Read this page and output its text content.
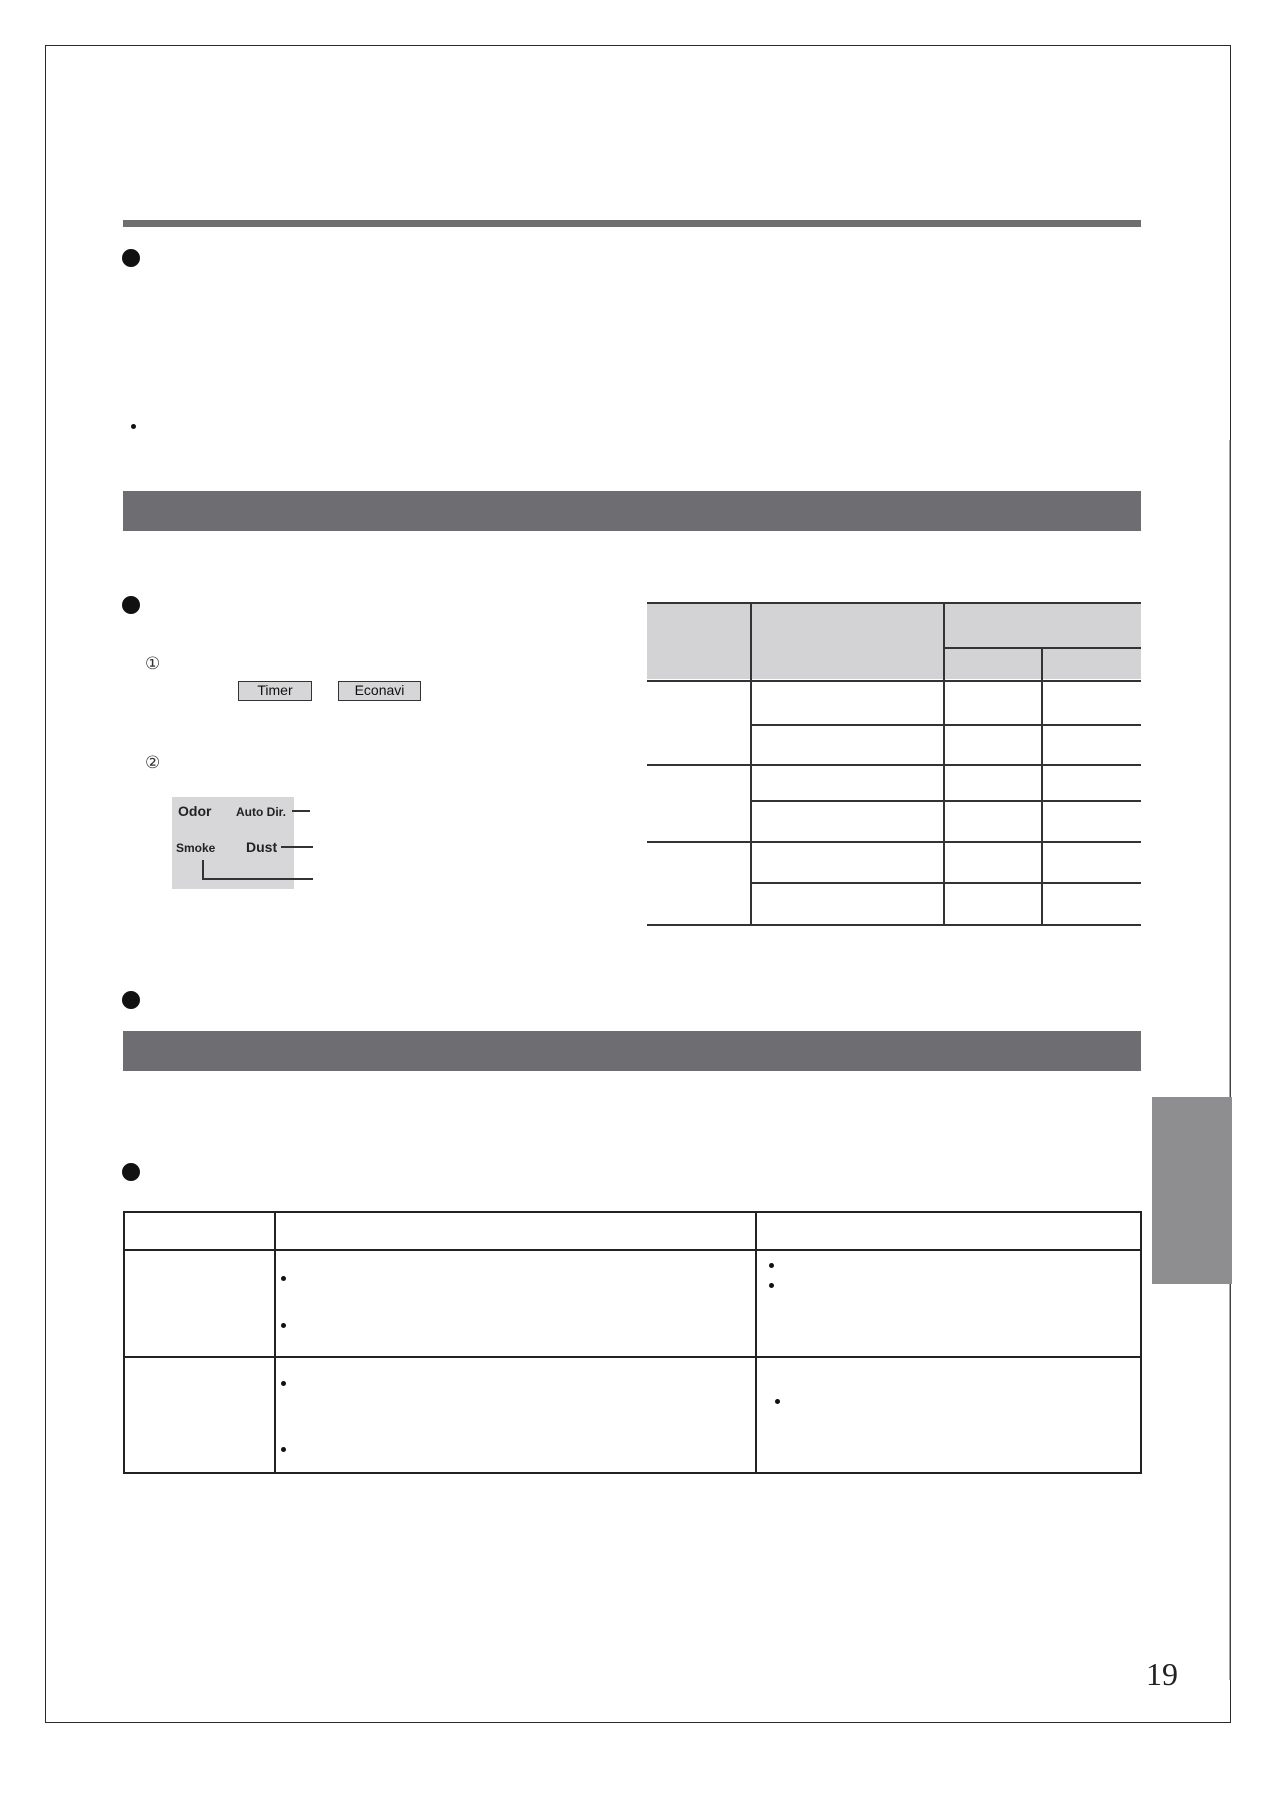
①
Timer	Econavi
②
Odor Auto Dir.
Smoke Dust
19
